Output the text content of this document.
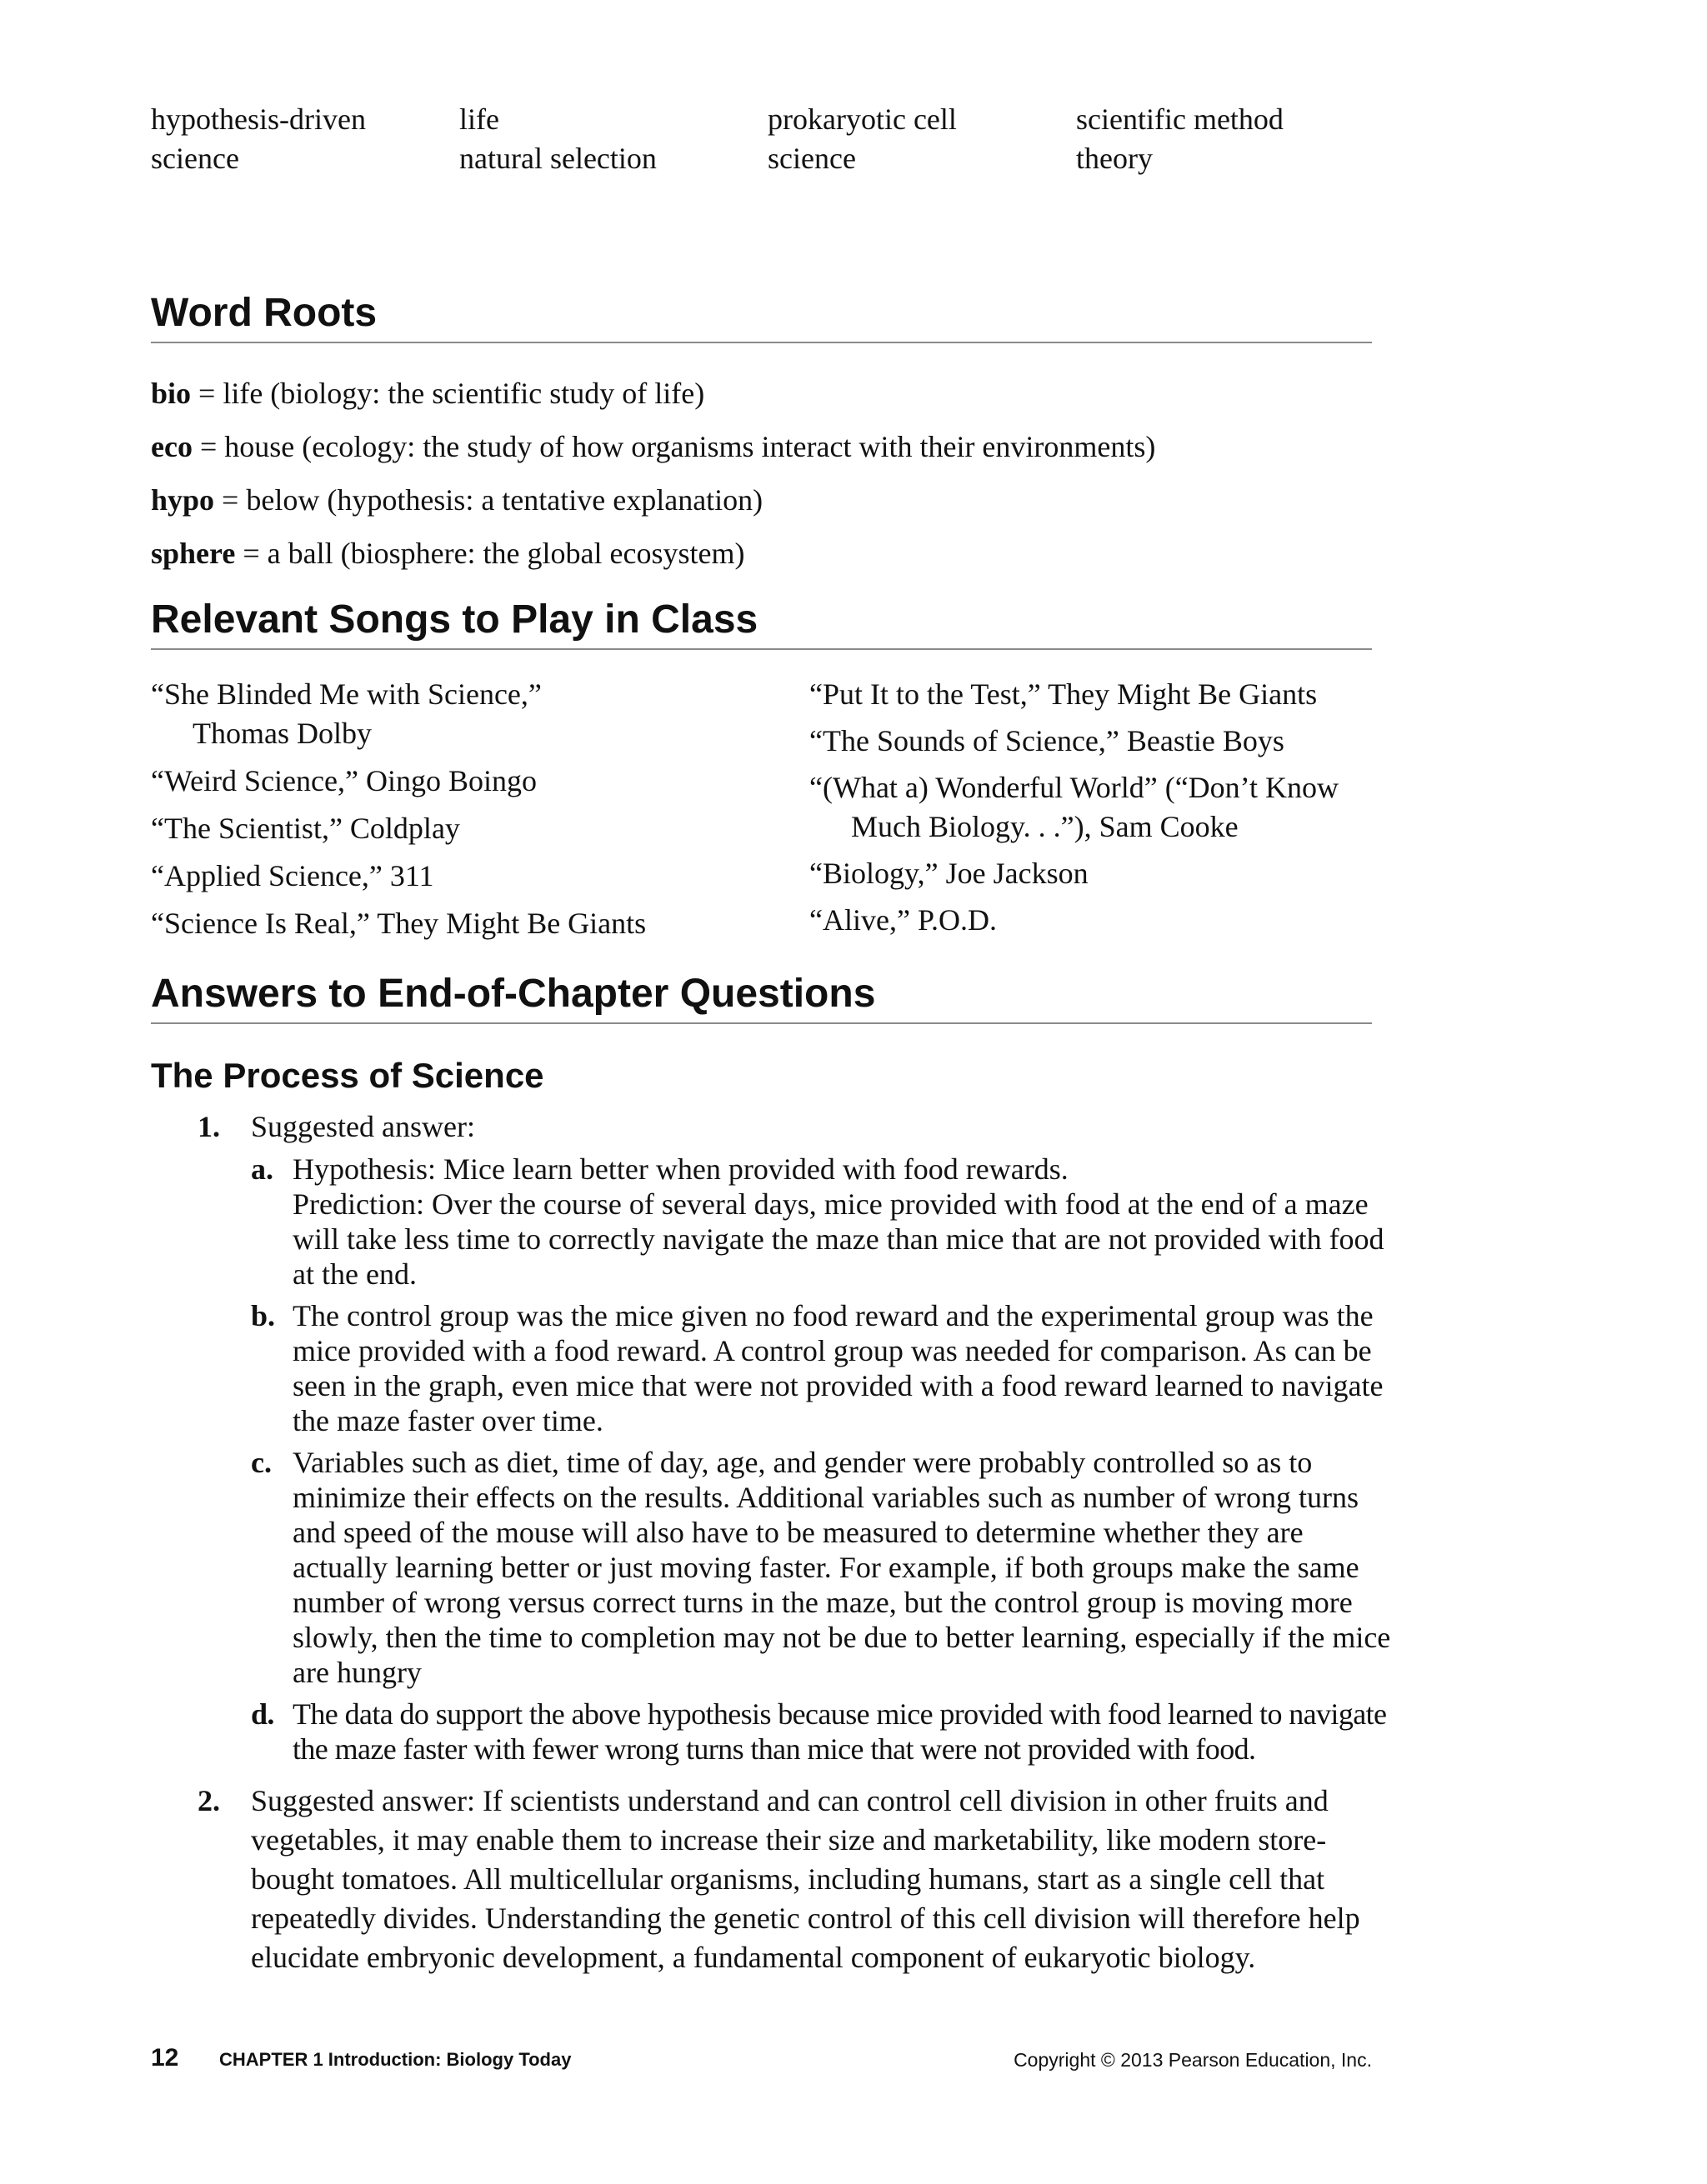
hypothesis-driven
science
life
natural selection
prokaryotic cell
science
scientific method
theory
Word Roots
bio = life (biology: the scientific study of life)
eco = house (ecology: the study of how organisms interact with their environments)
hypo = below (hypothesis: a tentative explanation)
sphere = a ball (biosphere: the global ecosystem)
Relevant Songs to Play in Class
“She Blinded Me with Science,”
Thomas Dolby
“Weird Science,” Oingo Boingo
“The Scientist,” Coldplay
“Applied Science,” 311
“Science Is Real,” They Might Be Giants
“Put It to the Test,” They Might Be Giants
“The Sounds of Science,” Beastie Boys
“(What a) Wonderful World” (“Don’t Know
Much Biology. . .”), Sam Cooke
“Biology,” Joe Jackson
“Alive,” P.O.D.
Answers to End-of-Chapter Questions
The Process of Science
1. Suggested answer:
a. Hypothesis: Mice learn better when provided with food rewards.

Prediction: Over the course of several days, mice provided with food at the end of a maze will take less time to correctly navigate the maze than mice that are not provided with food at the end.

b. The control group was the mice given no food reward and the experimental group was the mice provided with a food reward. A control group was needed for comparison. As can be seen in the graph, even mice that were not provided with a food reward learned to navigate the maze faster over time.

c. Variables such as diet, time of day, age, and gender were probably controlled so as to minimize their effects on the results. Additional variables such as number of wrong turns and speed of the mouse will also have to be measured to determine whether they are actually learning better or just moving faster. For example, if both groups make the same number of wrong versus correct turns in the maze, but the control group is moving more slowly, then the time to completion may not be due to better learning, especially if the mice are hungry

d. The data do support the above hypothesis because mice provided with food learned to navigate the maze faster with fewer wrong turns than mice that were not provided with food.

2. Suggested answer: If scientists understand and can control cell division in other fruits and vegetables, it may enable them to increase their size and marketability, like modern store-bought tomatoes. All multicellular organisms, including humans, start as a single cell that repeatedly divides. Understanding the genetic control of this cell division will therefore help elucidate embryonic development, a fundamental component of eukaryotic biology.
12 CHAPTER 1 Introduction: Biology Today	Copyright © 2013 Pearson Education, Inc.
